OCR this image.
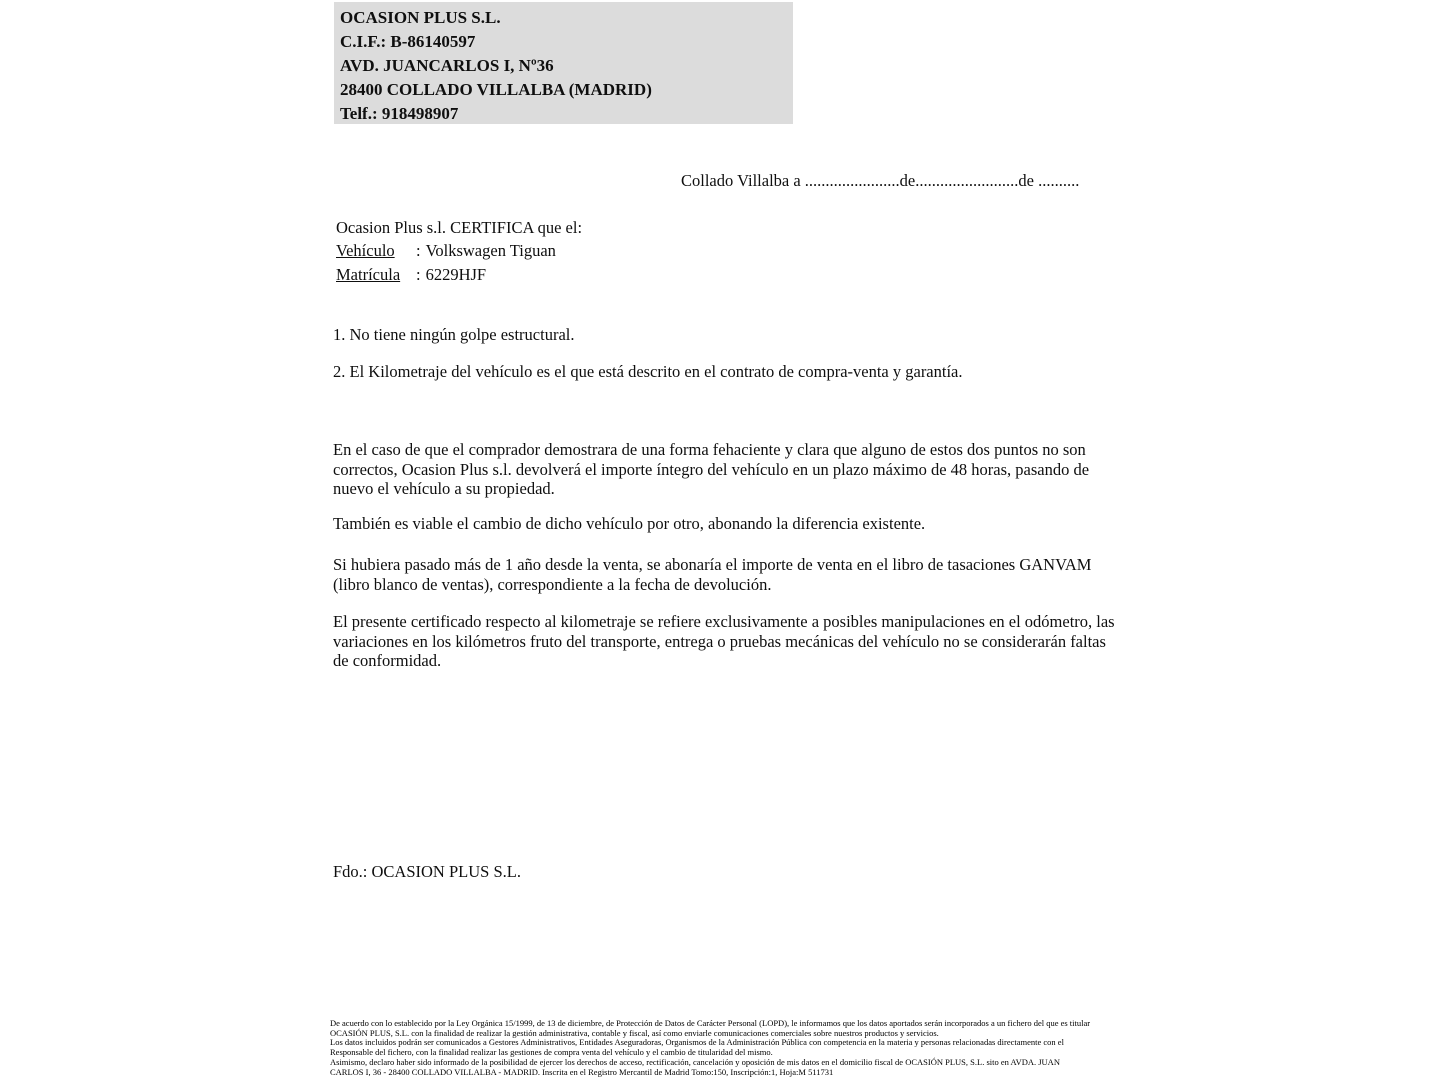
OCASION PLUS S.L.
C.I.F.: B-86140597
AVD. JUANCARLOS I, Nº36
28400 COLLADO VILLALBA (MADRID)
Telf.: 918498907
Collado Villalba a .......................de.........................de ..........
Ocasion Plus s.l. CERTIFICA que el:
Vehículo : Volkswagen Tiguan
Matrícula : 6229HJF
1. No tiene ningún golpe estructural.
2. El Kilometraje del vehículo es el que está descrito en el contrato de compra-venta y garantía.
En el caso de que el comprador demostrara de una forma fehaciente y clara que alguno de estos dos puntos no son correctos, Ocasion Plus s.l. devolverá el importe íntegro del vehículo en un plazo máximo de 48 horas, pasando de nuevo el vehículo a su propiedad.
También es viable el cambio de dicho vehículo por otro, abonando la diferencia existente.
Si hubiera pasado más de 1 año desde la venta, se abonaría el importe de venta en el libro de tasaciones GANVAM (libro blanco de ventas), correspondiente a la fecha de devolución.
El presente certificado respecto al kilometraje se refiere exclusivamente a posibles manipulaciones en el odómetro, las variaciones en los kilómetros fruto del transporte, entrega o pruebas mecánicas del vehículo no se considerarán faltas de conformidad.
Fdo.: OCASION PLUS S.L.
De acuerdo con lo establecido por la Ley Orgánica 15/1999, de 13 de diciembre, de Protección de Datos de Carácter Personal (LOPD), le informamos que los datos aportados serán incorporados a un fichero del que es titular
OCASIÓN PLUS, S.L. con la finalidad de realizar la gestión administrativa, contable y fiscal, así como enviarle comunicaciones comerciales sobre nuestros productos y servicios.
Los datos incluidos podrán ser comunicados a Gestores Administrativos, Entidades Aseguradoras, Organismos de la Administración Pública con competencia en la materia y personas relacionadas directamente con el
Responsable del fichero, con la finalidad realizar las gestiones de compra venta del vehículo y el cambio de titularidad del mismo.
Asimismo, declaro haber sido informado de la posibilidad de ejercer los derechos de acceso, rectificación, cancelación y oposición de mis datos en el domicilio fiscal de OCASIÓN PLUS, S.L. sito en AVDA. JUAN
CARLOS I, 36 - 28400 COLLADO VILLALBA - MADRID. Inscrita en el Registro Mercantil de Madrid Tomo:150, Inscripción:1, Hoja:M 511731
